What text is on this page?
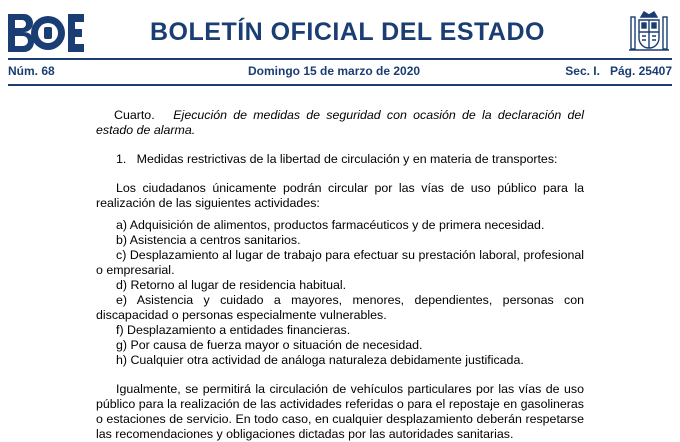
BOLETÍN OFICIAL DEL ESTADO
Núm. 68	Domingo 15 de marzo de 2020	Sec. I.   Pág. 25407

Cuarto. Ejecución de medidas de seguridad con ocasión de la declaración del estado de alarma.

1.   Medidas restrictivas de la libertad de circulación y en materia de transportes:

Los ciudadanos únicamente podrán circular por las vías de uso público para la realización de las siguientes actividades:

a) Adquisición de alimentos, productos farmacéuticos y de primera necesidad.

b) Asistencia a centros sanitarios.

c) Desplazamiento al lugar de trabajo para efectuar su prestación laboral, profesional o empresarial.

d) Retorno al lugar de residencia habitual.

e) Asistencia y cuidado a mayores, menores, dependientes, personas con discapacidad o personas especialmente vulnerables.

f) Desplazamiento a entidades financieras.

g) Por causa de fuerza mayor o situación de necesidad.

h) Cualquier otra actividad de análoga naturaleza debidamente justificada.

Igualmente, se permitirá la circulación de vehículos particulares por las vías de uso público para la realización de las actividades referidas o para el repostaje en gasolineras o estaciones de servicio. En todo caso, en cualquier desplazamiento deberán respetarse las recomendaciones y obligaciones dictadas por las autoridades sanitarias.
